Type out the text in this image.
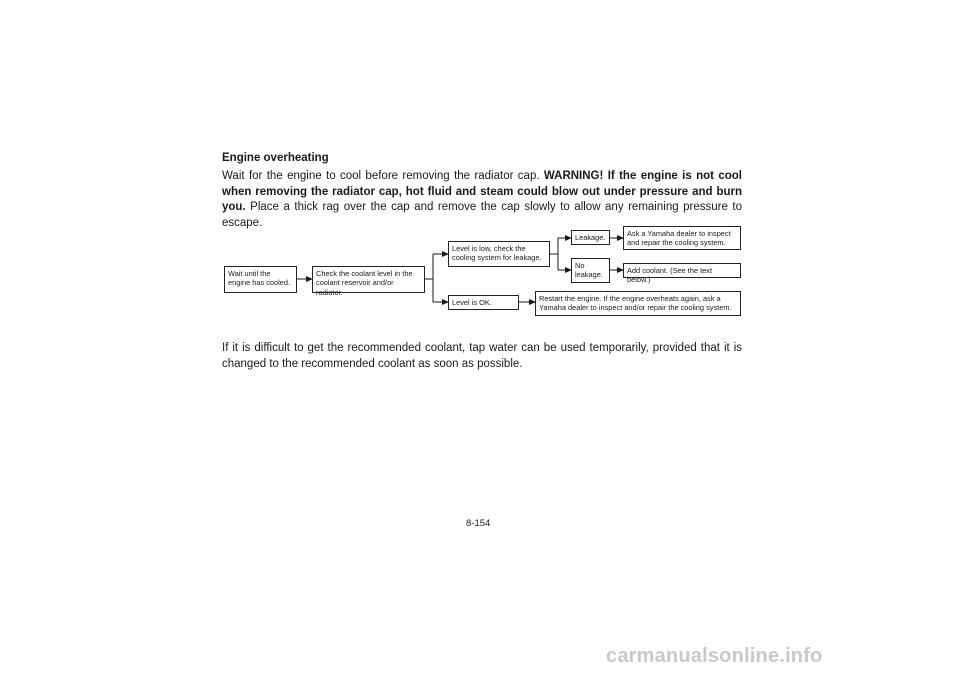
Engine overheating

Wait for the engine to cool before removing the radiator cap. WARNING! If the engine is not cool when removing the radiator cap, hot fluid and steam could blow out under pressure and burn you. Place a thick rag over the cap and remove the cap slowly to allow any remaining pressure to escape.

Wait until the
engine has cooled.
Check the coolant level in the
coolant reservoir and/or radiator.
Level is low, check the
cooling system for leakage.
Level is OK.
Leakage.
No
leakage.
Ask a Yamaha dealer to inspect
and repair the cooling system.
Add coolant. (See the text below.)
Restart the engine. If the engine overheats again, ask a
Yamaha dealer to inspect and/or repair the cooling system.

If it is difficult to get the recommended coolant, tap water can be used temporarily, provided that it is changed to the recommended coolant as soon as possible.

8-154

carmanualsonline.info
